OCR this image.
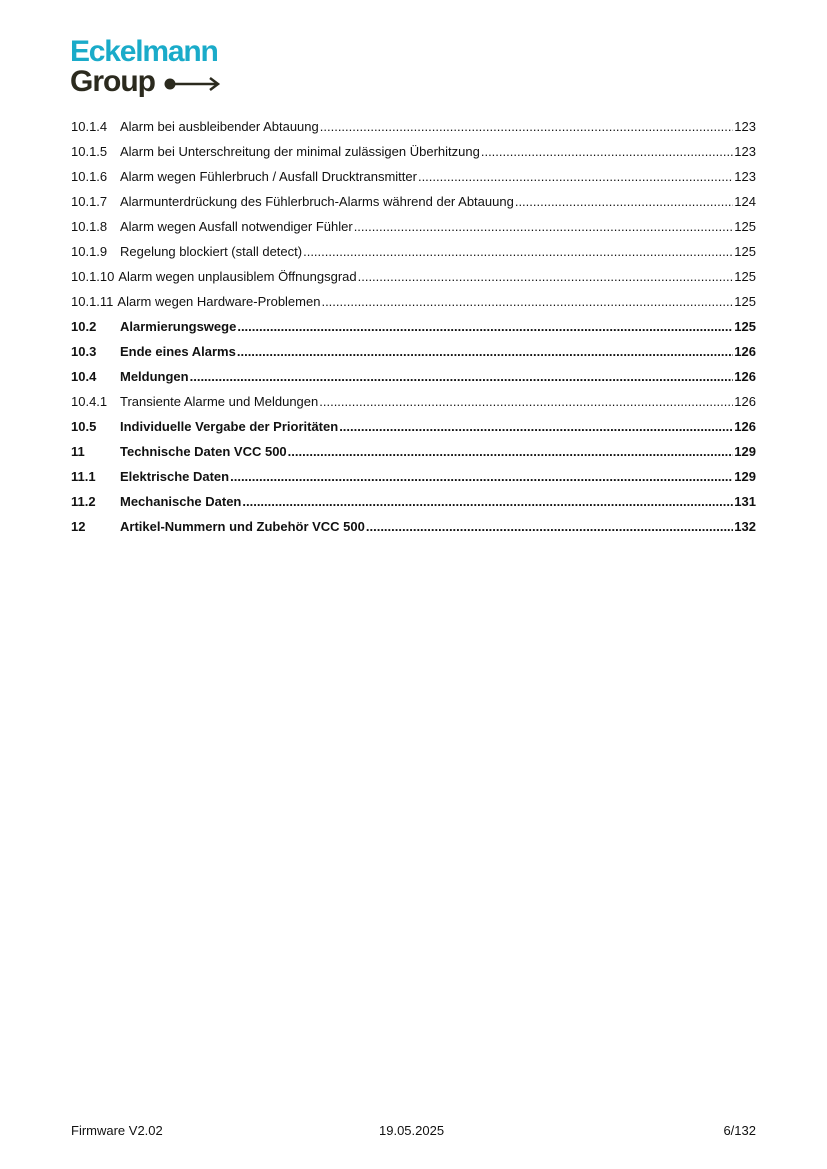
Eckelmann
Group
10.1.4 Alarm bei ausbleibender Abtauung .....	123
10.1.5 Alarm bei Unterschreitung der minimal zulässigen Überhitzung .....	123
10.1.6 Alarm wegen Fühlerbruch / Ausfall Drucktransmitter .....	123
10.1.7 Alarmunterdrückung des Fühlerbruch-Alarms während der Abtauung .....	124
10.1.8 Alarm wegen Ausfall notwendiger Fühler .....	125
10.1.9 Regelung blockiert (stall detect) .....	125
10.1.10 Alarm wegen unplausiblem Öffnungsgrad .....	125
10.1.11 Alarm wegen Hardware-Problemen .....	125
10.2	Alarmierungswege .....	125
10.3	Ende eines Alarms .....	126
10.4	Meldungen .....	126
10.4.1 Transiente Alarme und Meldungen .....	126
10.5	Individuelle Vergabe der Prioritäten .....	126
11	Technische Daten VCC 500 .....	129
11.1	Elektrische Daten .....	129
11.2	Mechanische Daten .....	131
12	Artikel-Nummern und Zubehör VCC 500 .....	132
Firmware V2.02	19.05.2025	6/132
